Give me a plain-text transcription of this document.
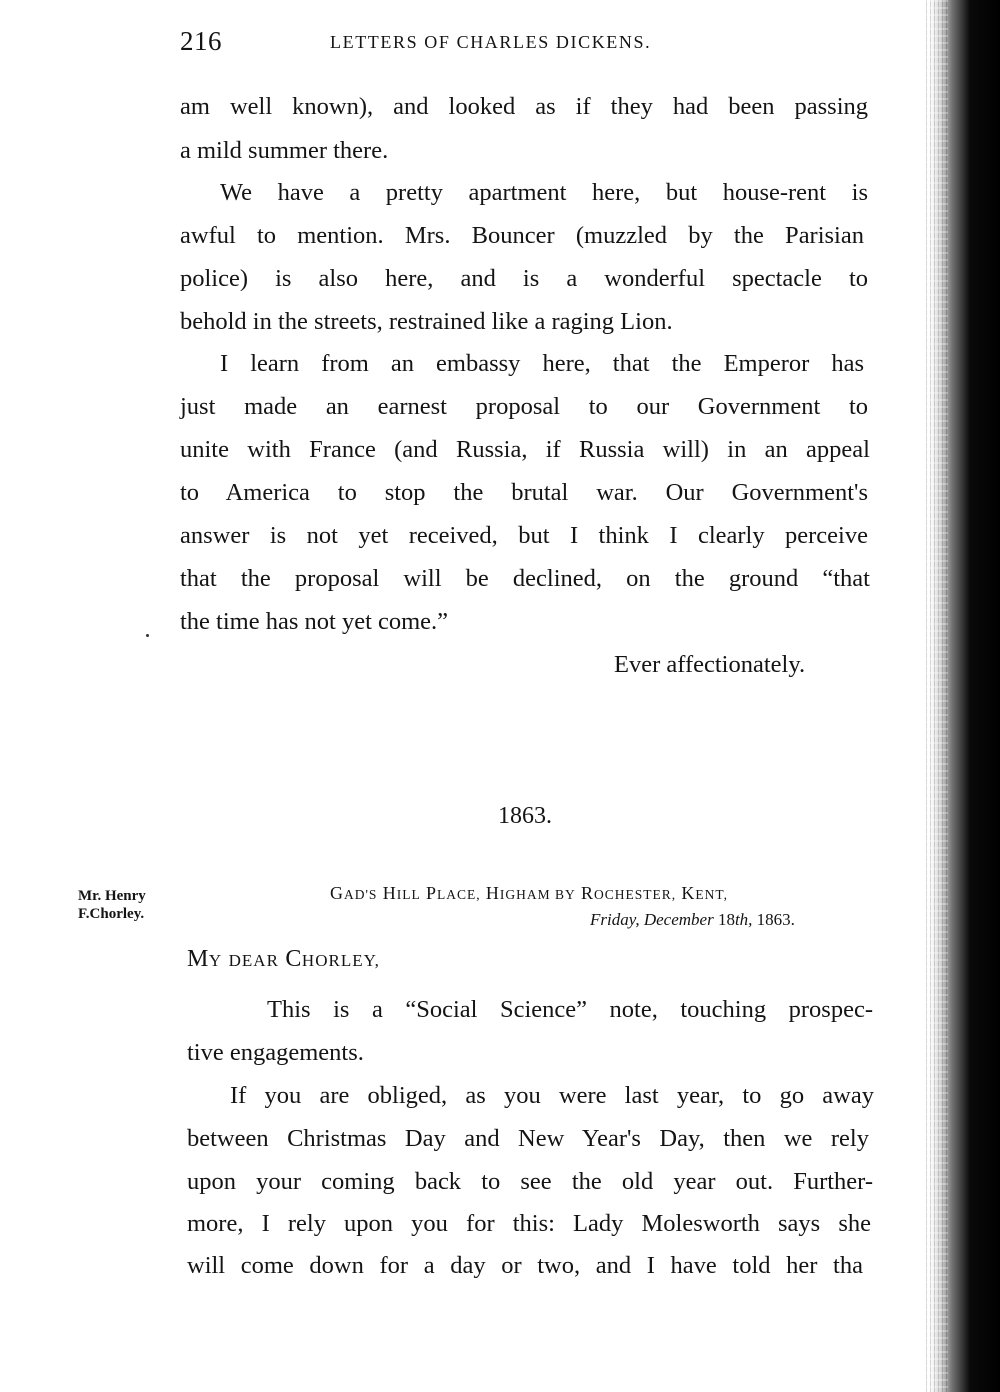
216	LETTERS OF CHARLES DICKENS.
am well known), and looked as if they had been passing
a mild summer there.
We have a pretty apartment here, but house-rent is
awful to mention. Mrs. Bouncer (muzzled by the Parisian
police) is also here, and is a wonderful spectacle to
behold in the streets, restrained like a raging Lion.
I learn from an embassy here, that the Emperor has
just made an earnest proposal to our Government to
unite with France (and Russia, if Russia will) in an appeal
to America to stop the brutal war. Our Government's
answer is not yet received, but I think I clearly perceive
that the proposal will be declined, on the ground “that
the time has not yet come.”
Ever affectionately.
1863.
Mr. Henry
F.Chorley.
GAD'S HILL PLACE, HIGHAM BY ROCHESTER, KENT,
Friday, December 18th, 1863.
MY DEAR CHORLEY,
This is a “Social Science” note, touching prospec-
tive engagements.
If you are obliged, as you were last year, to go away
between Christmas Day and New Year's Day, then we rely
upon your coming back to see the old year out. Further-
more, I rely upon you for this: Lady Molesworth says she
will come down for a day or two, and I have told her tha
